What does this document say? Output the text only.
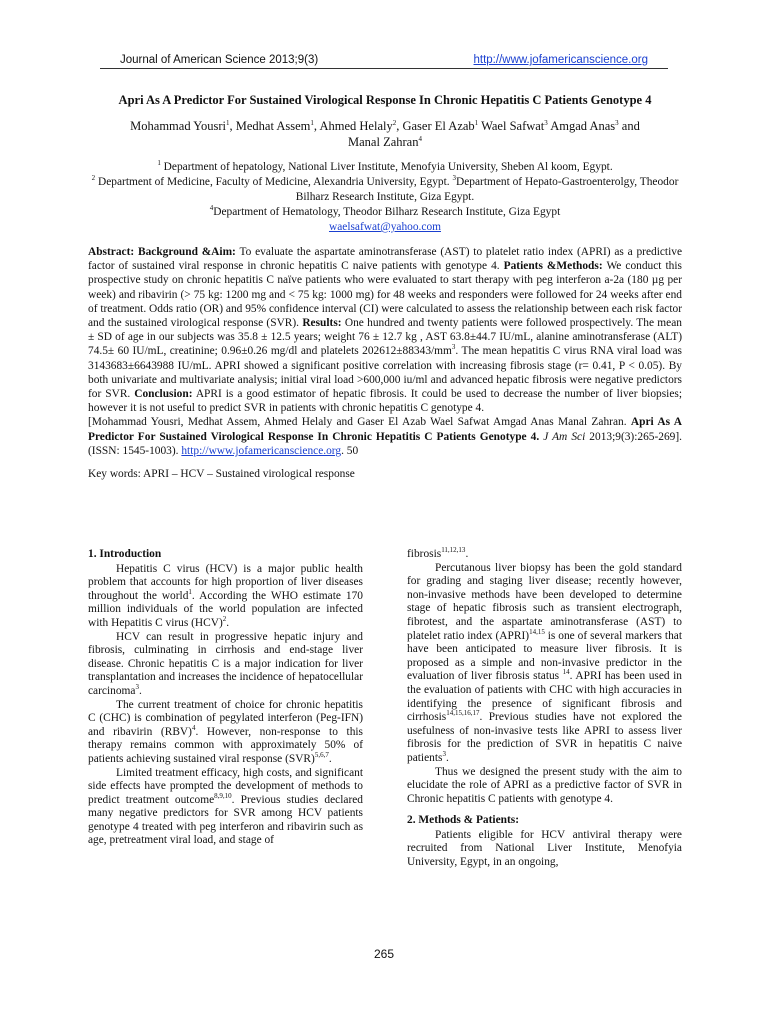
Journal of American Science 2013;9(3)	http://www.jofamericanscience.org
Apri As A Predictor For Sustained Virological Response In Chronic Hepatitis C Patients Genotype 4
Mohammad Yousri$^1$, Medhat Assem$^1$, Ahmed Helaly$^2$, Gaser El Azab$^1$ Wael Safwat$^3$ Amgad Anas$^3$ and
Manal Zahran$^4$
$^1$ Department of hepatology, National Liver Institute, Menofyia University, Sheben Al koom, Egypt.
$^2$ Department of Medicine, Faculty of Medicine, Alexandria University, Egypt. $^3$Department of Hepato-Gastroenterolgy, Theodor Bilharz Research Institute, Giza Egypt.
$^4$Department of Hematology, Theodor Bilharz Research Institute, Giza Egypt
waelsafwat@yahoo.com
Abstract: Background &Aim: To evaluate the aspartate aminotransferase (AST) to platelet ratio index (APRI) as a predictive factor of sustained viral response in chronic hepatitis C naive patients with genotype 4. Patients &Methods: We conduct this prospective study on chronic hepatitis C naïve patients who were evaluated to start therapy with peg interferon a-2a (180 µg per week) and ribavirin (> 75 kg: 1200 mg and < 75 kg: 1000 mg) for 48 weeks and responders were followed for 24 weeks after end of treatment. Odds ratio (OR) and 95% confidence interval (CI) were calculated to assess the relationship between each risk factor and the sustained virological response (SVR). Results: One hundred and twenty patients were followed prospectively. The mean ± SD of age in our subjects was 35.8 ± 12.5 years; weight 76 ± 12.7 kg , AST 63.8±44.7 IU/mL, alanine aminotransferase (ALT) 74.5± 60 IU/mL, creatinine; 0.96±0.26 mg/dl and platelets $202612\pm 88343/mm^3$. The mean hepatitis C virus RNA viral load was 3143683±6643988 IU/mL. APRI showed a significant positive correlation with increasing fibrosis stage (r= 0.41, P < 0.05). By both univariate and multivariate analysis; initial viral load >600,000 iu/ml and advanced hepatic fibrosis were negative predictors for SVR. Conclusion: APRI is a good estimator of hepatic fibrosis. It could be used to decrease the number of liver biopsies; however it is not useful to predict SVR in patients with chronic hepatitis C genotype 4.
[Mohammad Yousri, Medhat Assem, Ahmed Helaly and Gaser El Azab Wael Safwat Amgad Anas Manal Zahran. Apri As A Predictor For Sustained Virological Response In Chronic Hepatitis C Patients Genotype 4. J Am Sci 2013;9(3):265-269]. (ISSN: 1545-1003). http://www.jofamericanscience.org. 50
Key words: APRI – HCV – Sustained virological response
1. Introduction

Hepatitis C virus (HCV) is a major public health problem that accounts for high proportion of liver diseases throughout the world$^1$. According the WHO estimate 170 million individuals of the world population are infected with Hepatitis C virus (HCV)$^2$.

HCV can result in progressive hepatic injury and fibrosis, culminating in cirrhosis and end-stage liver disease. Chronic hepatitis C is a major indication for liver transplantation and increases the incidence of hepatocellular carcinoma$^3$.

The current treatment of choice for chronic hepatitis C (CHC) is combination of pegylated interferon (Peg-IFN) and ribavirin (RBV)$^4$. However, non-response to this therapy remains common with approximately 50% of patients achieving sustained viral response (SVR)$^{5,6,7}$.

Limited treatment efficacy, high costs, and significant side effects have prompted the development of methods to predict treatment outcome$^{8,9,10}$. Previous studies declared many negative predictors for SVR among HCV patients genotype 4 treated with peg interferon and ribavirin such as age, pretreatment viral load, and stage of

fibrosis$^{11,12,13}$.

Percutanous liver biopsy has been the gold standard for grading and staging liver disease; recently however, non-invasive methods have been developed to determine stage of hepatic fibrosis such as transient electrograph, fibrotest, and the aspartate aminotransferase (AST) to platelet ratio index (APRI)$^{14,15}$ is one of several markers that have been anticipated to measure liver fibrosis. It is proposed as a simple and non-invasive predictor in the evaluation of liver fibrosis status $^{14}$. APRI has been used in the evaluation of patients with CHC with high accuracies in identifying the presence of significant fibrosis and cirrhosis$^{14,15,16,17}$. Previous studies have not explored the usefulness of non-invasive tests like APRI to assess liver fibrosis for the prediction of SVR in hepatitis C naive patients$^3$.

Thus we designed the present study with the aim to elucidate the role of APRI as a predictive factor of SVR in Chronic hepatitis C patients with genotype 4.

2. Methods & Patients:

Patients eligible for HCV antiviral therapy were recruited from National Liver Institute, Menofyia University, Egypt, in an ongoing,

265
